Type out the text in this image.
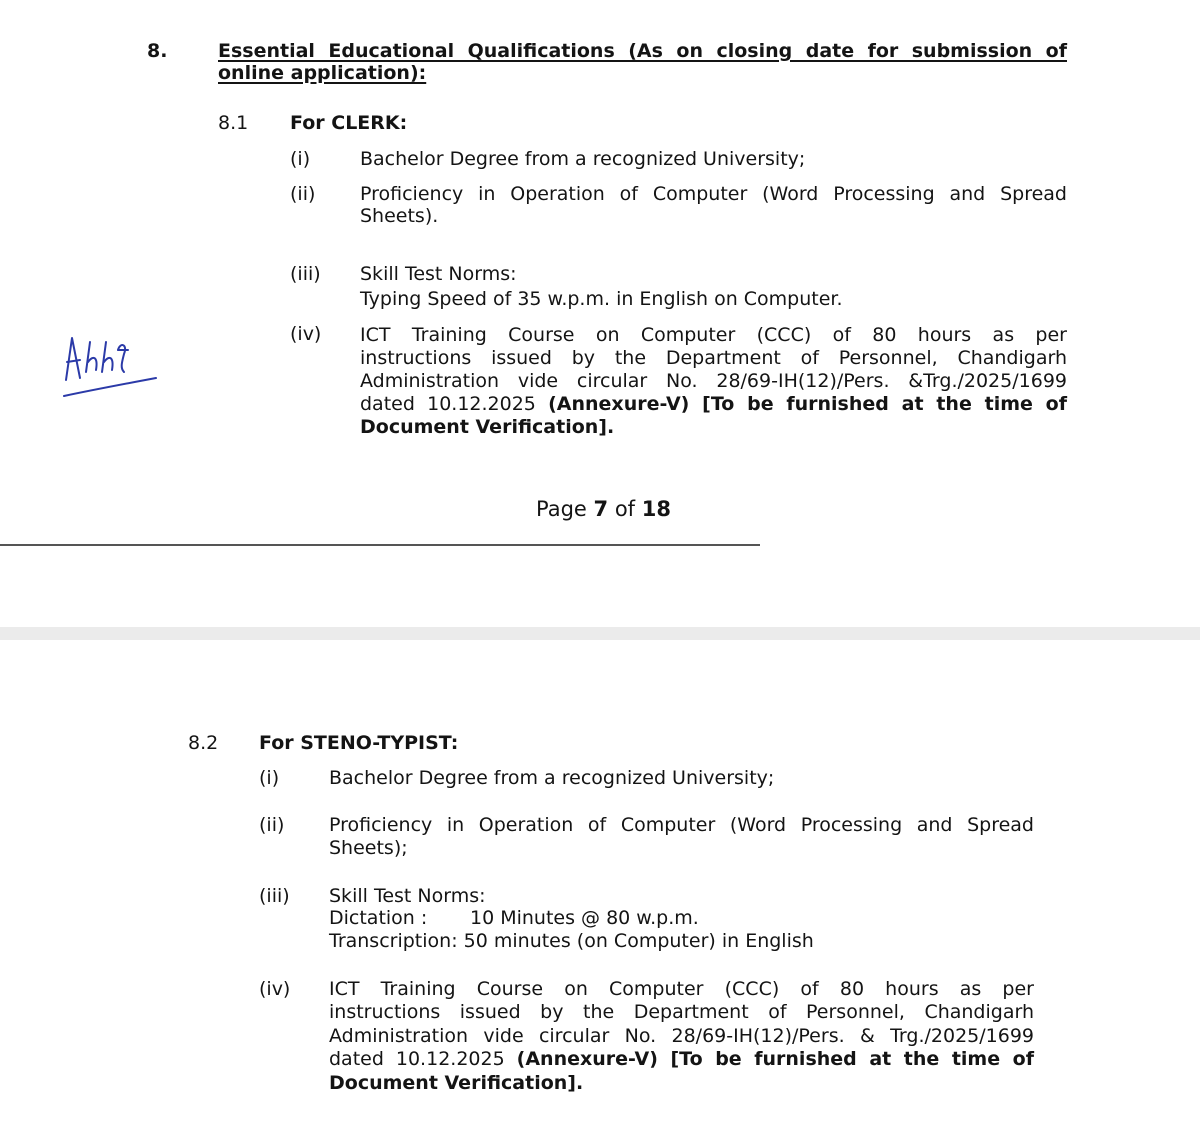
8.	Essential Educational Qualifications (As on closing date for submission of
online application):
8.1 For CLERK:
(i)	Bachelor Degree from a recognized University;
(ii) Proficiency in Operation of Computer (Word Processing and Spread
Sheets).
(iii) Skill Test Norms:
Typing Speed of 35 w.p.m. in English on Computer.
(iv) ICT Training Course on Computer (CCC) of 80 hours as per
instructions issued by the Department of Personnel, Chandigarh
Administration vide circular No. 28/69-IH(12)/Pers. &Trg./2025/1699
dated 10.12.2025 (Annexure-V) [To be furnished at the time of
Document Verification].
Page 7 of 18
8.2 For STENO-TYPIST:
(i)	Bachelor Degree from a recognized University;
(ii) Proficiency in Operation of Computer (Word Processing and Spread
Sheets);
(iii) Skill Test Norms:
Dictation : 10 Minutes @ 80 w.p.m.
Transcription: 50 minutes (on Computer) in English
(iv) ICT Training Course on Computer (CCC) of 80 hours as per
instructions issued by the Department of Personnel, Chandigarh
Administration vide circular No. 28/69-IH(12)/Pers. & Trg./2025/1699
dated 10.12.2025 (Annexure-V) [To be furnished at the time of
Document Verification].
